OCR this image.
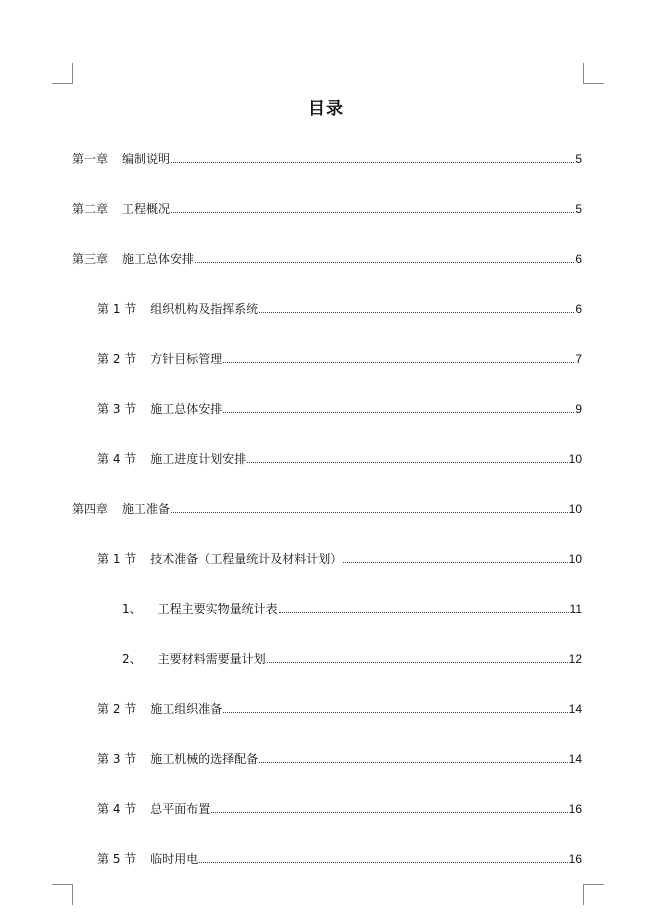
目录
第一章 编制说明	5
第二章 工程概况	5
第三章 施工总体安排	6
第 1 节 组织机构及指挥系统	6
第 2 节 方针目标管理	7
第 3 节 施工总体安排	9
第 4 节 施工进度计划安排	10
第四章 施工准备	10
第 1 节 技术准备（工程量统计及材料计划）	10
1、 工程主要实物量统计表	11
2、 主要材料需要量计划	12
第 2 节 施工组织准备	14
第 3 节 施工机械的选择配备	14
第 4 节 总平面布置	16
第 5 节 临时用电	16
